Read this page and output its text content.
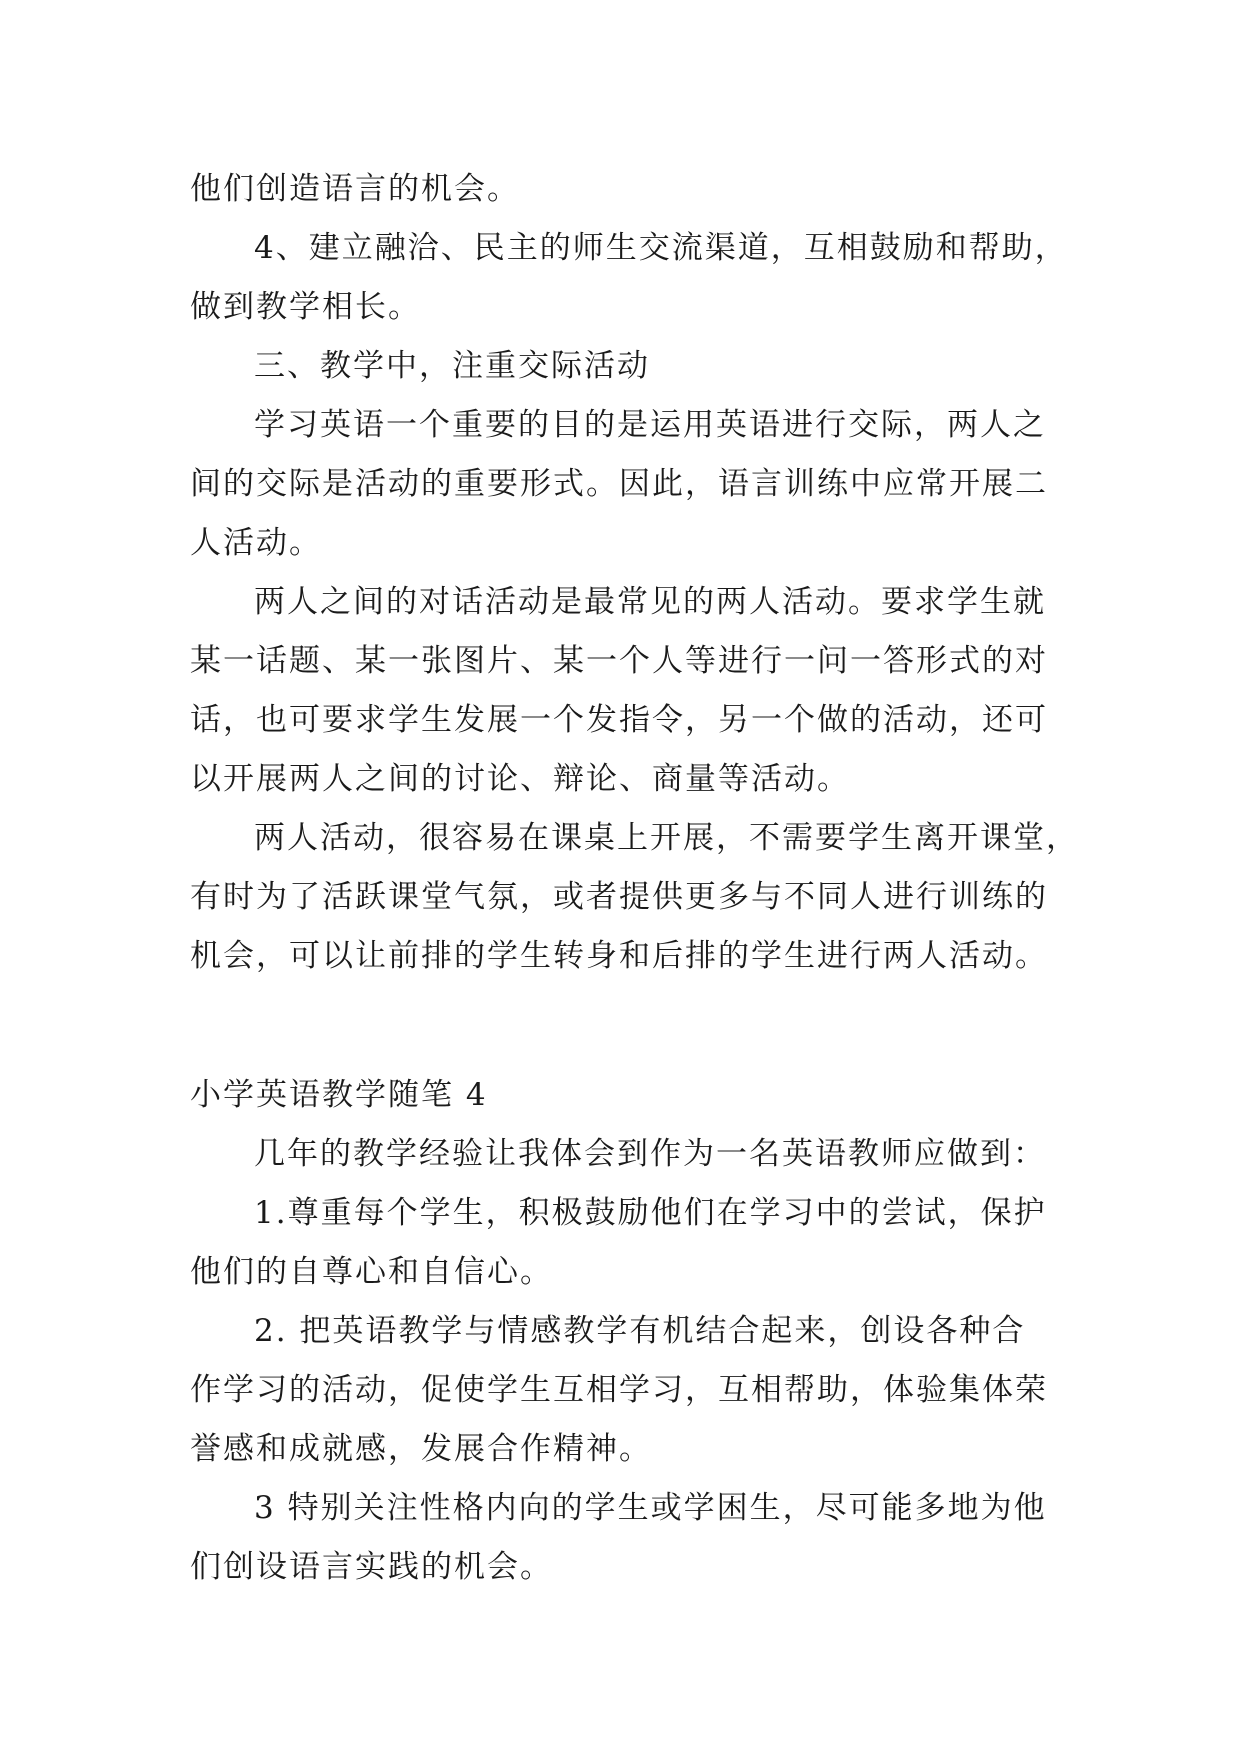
他们创造语言的机会。
4、建立融洽、民主的师生交流渠道，互相鼓励和帮助，
做到教学相长。
三、教学中，注重交际活动
学习英语一个重要的目的是运用英语进行交际，两人之
间的交际是活动的重要形式。因此，语言训练中应常开展二
人活动。
两人之间的对话活动是最常见的两人活动。要求学生就
某一话题、某一张图片、某一个人等进行一问一答形式的对
话，也可要求学生发展一个发指令，另一个做的活动，还可
以开展两人之间的讨论、辩论、商量等活动。
两人活动，很容易在课桌上开展，不需要学生离开课堂，
有时为了活跃课堂气氛，或者提供更多与不同人进行训练的
机会，可以让前排的学生转身和后排的学生进行两人活动。
小学英语教学随笔 4
几年的教学经验让我体会到作为一名英语教师应做到：
1.尊重每个学生，积极鼓励他们在学习中的尝试，保护
他们的自尊心和自信心。
2. 把英语教学与情感教学有机结合起来，创设各种合
作学习的活动，促使学生互相学习，互相帮助，体验集体荣
誉感和成就感，发展合作精神。
3 特别关注性格内向的学生或学困生，尽可能多地为他
们创设语言实践的机会。
